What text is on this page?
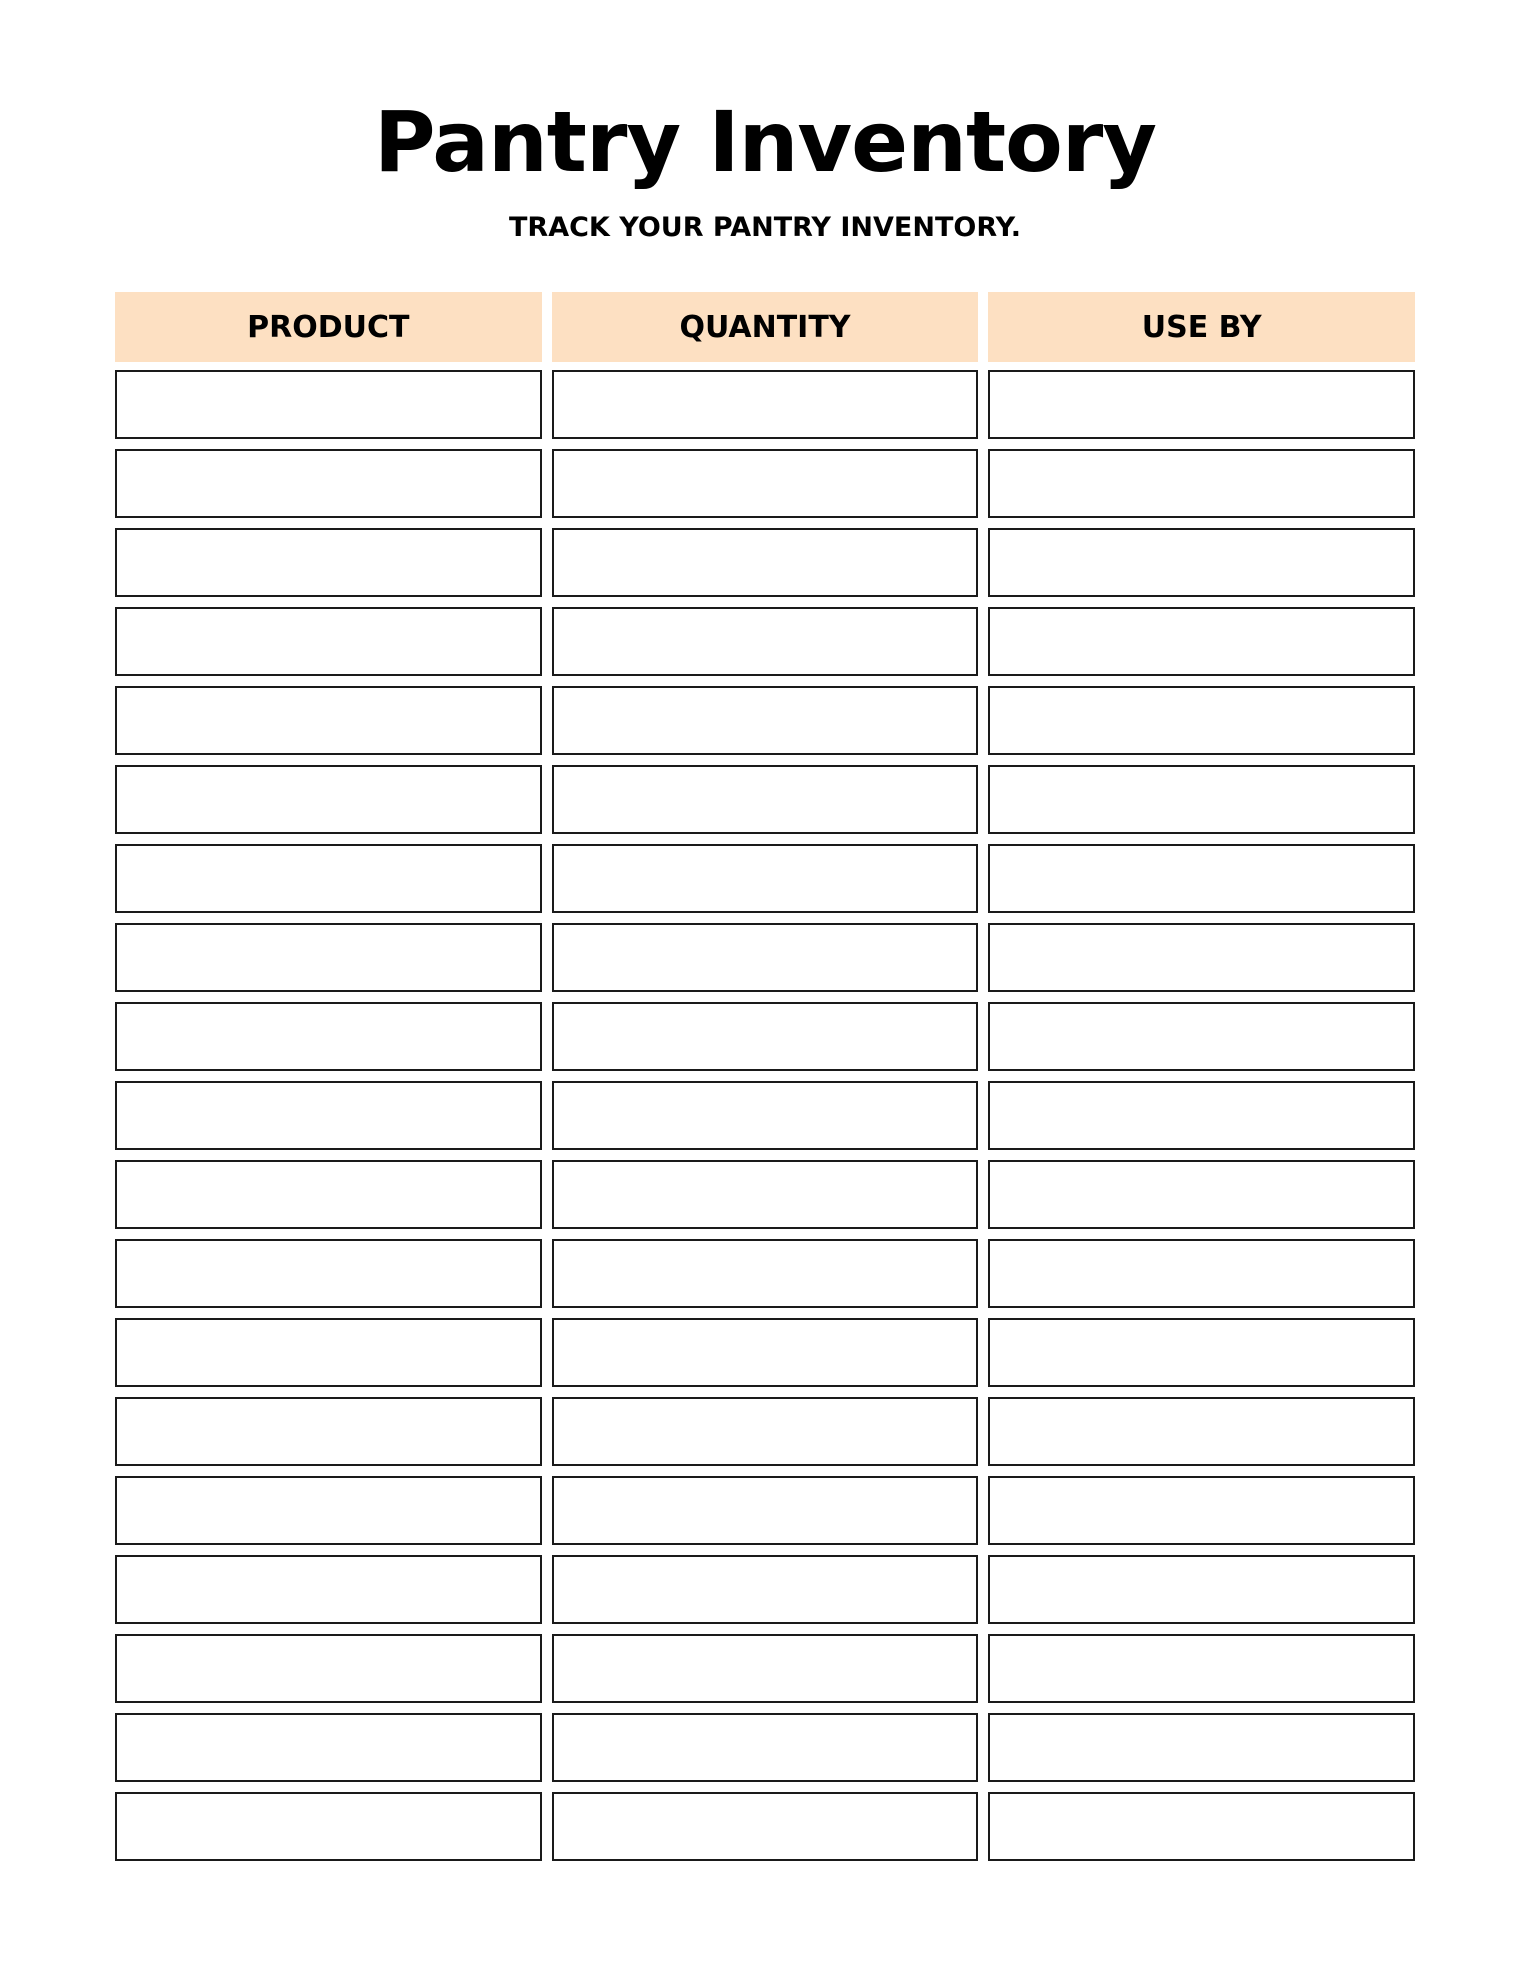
Pantry Inventory
TRACK YOUR PANTRY INVENTORY.
PRODUCT	QUANTITY	USE BY
